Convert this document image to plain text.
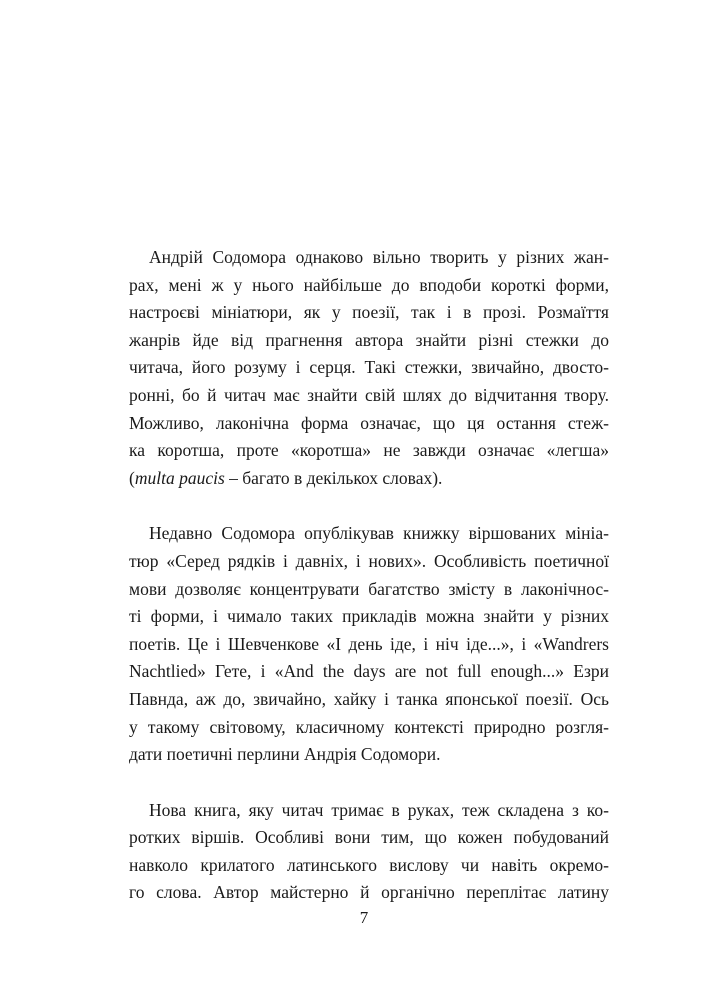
Андрій Содомора однаково вільно творить у різних жан-
рах, мені ж у нього найбільше до вподоби короткі форми,
настроєві мініатюри, як у поезії, так і в прозі. Розмаїття
жанрів йде від прагнення автора знайти різні стежки до
читача, його розуму і серця. Такі стежки, звичайно, двосто-
ронні, бо й читач має знайти свій шлях до відчитання твору.
Можливо, лаконічна форма означає, що ця остання стеж-
ка коротша, проте «коротша» не завжди означає «легша»
(multa paucis – багато в декількох словах).

Недавно Содомора опублікував книжку віршованих мініа-
тюр «Серед рядків і давніх, і нових». Особливість поетичної
мови дозволяє концентрувати багатство змісту в лаконічнос-
ті форми, і чимало таких прикладів можна знайти у різних
поетів. Це і Шевченкове «І день іде, і ніч іде...», і «Wandrers
Nachtlied» Гете, і «And the days are not full enough...» Езри
Павнда, аж до, звичайно, хайку і танка японської поезії. Ось
у такому світовому, класичному контексті природно розгля-
дати поетичні перлини Андрія Содомори.

Нова книга, яку читач тримає в руках, теж складена з ко-
ротких віршів. Особливі вони тим, що кожен побудований
навколо крилатого латинського вислову чи навіть окремо-
го слова. Автор майстерно й органічно переплітає латину

7
